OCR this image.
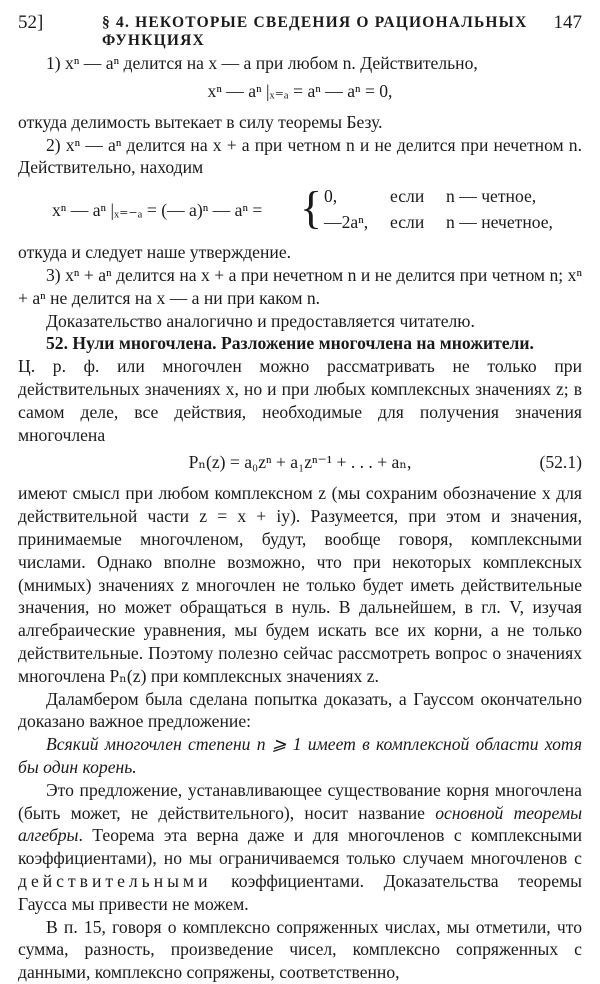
52]	§ 4. НЕКОТОРЫЕ СВЕДЕНИЯ О РАЦИОНАЛЬНЫХ ФУНКЦИЯХ
147

1) xⁿ — aⁿ делится на x — a при любом n. Действительно,

xⁿ — aⁿ |ₓ₌ₐ = aⁿ — aⁿ = 0,

откуда делимость вытекает в силу теоремы Безу.

2) xⁿ — aⁿ делится на x + a при четном n и не делится при нечетном n. Действительно, находим

xⁿ — aⁿ |ₓ₌₋ₐ = (— a)ⁿ — aⁿ = { 0,	если n — четное,
—2aⁿ, если n — нечетное,

откуда и следует наше утверждение.

3) xⁿ + aⁿ делится на x + a при нечетном n и не делится при четном n; xⁿ + aⁿ не делится на x — a ни при каком n.

Доказательство аналогично и предоставляется читателю.

52. Нули многочлена. Разложение многочлена на множители.

Ц. р. ф. или многочлен можно рассматривать не только при действительных значениях x, но и при любых комплексных значениях z; в самом деле, все действия, необходимые для получения значения многочлена

Pₙ(z) = a₀zⁿ + a₁zⁿ⁻¹ + . . . + aₙ,	(52.1)

имеют смысл при любом комплексном z (мы сохраним обозначение x для действительной части z = x + iy). Разумеется, при этом и значения, принимаемые многочленом, будут, вообще говоря, комплексными числами. Однако вполне возможно, что при некоторых комплексных (мнимых) значениях z многочлен не только будет иметь действительные значения, но может обращаться в нуль. В дальнейшем, в гл. V, изучая алгебраические уравнения, мы будем искать все их корни, а не только действительные. Поэтому полезно сейчас рассмотреть вопрос о значениях многочлена Pₙ(z) при комплексных значениях z.

Даламбером была сделана попытка доказать, а Гауссом окончательно доказано важное предложение:

Всякий многочлен степени n ⩾ 1 имеет в комплексной области хотя бы один корень.

Это предложение, устанавливающее существование корня многочлена (быть может, не действительного), носит название основной теоремы алгебры. Теорема эта верна даже и для многочленов с комплексными коэффициентами), но мы ограничиваемся только случаем многочленов с действительными коэффициентами. Доказательства теоремы Гаусса мы привести не можем.

В п. 15, говоря о комплексно сопряженных числах, мы отметили, что сумма, разность, произведение чисел, комплексно сопряженных с данными, комплексно сопряжены, соответственно,
